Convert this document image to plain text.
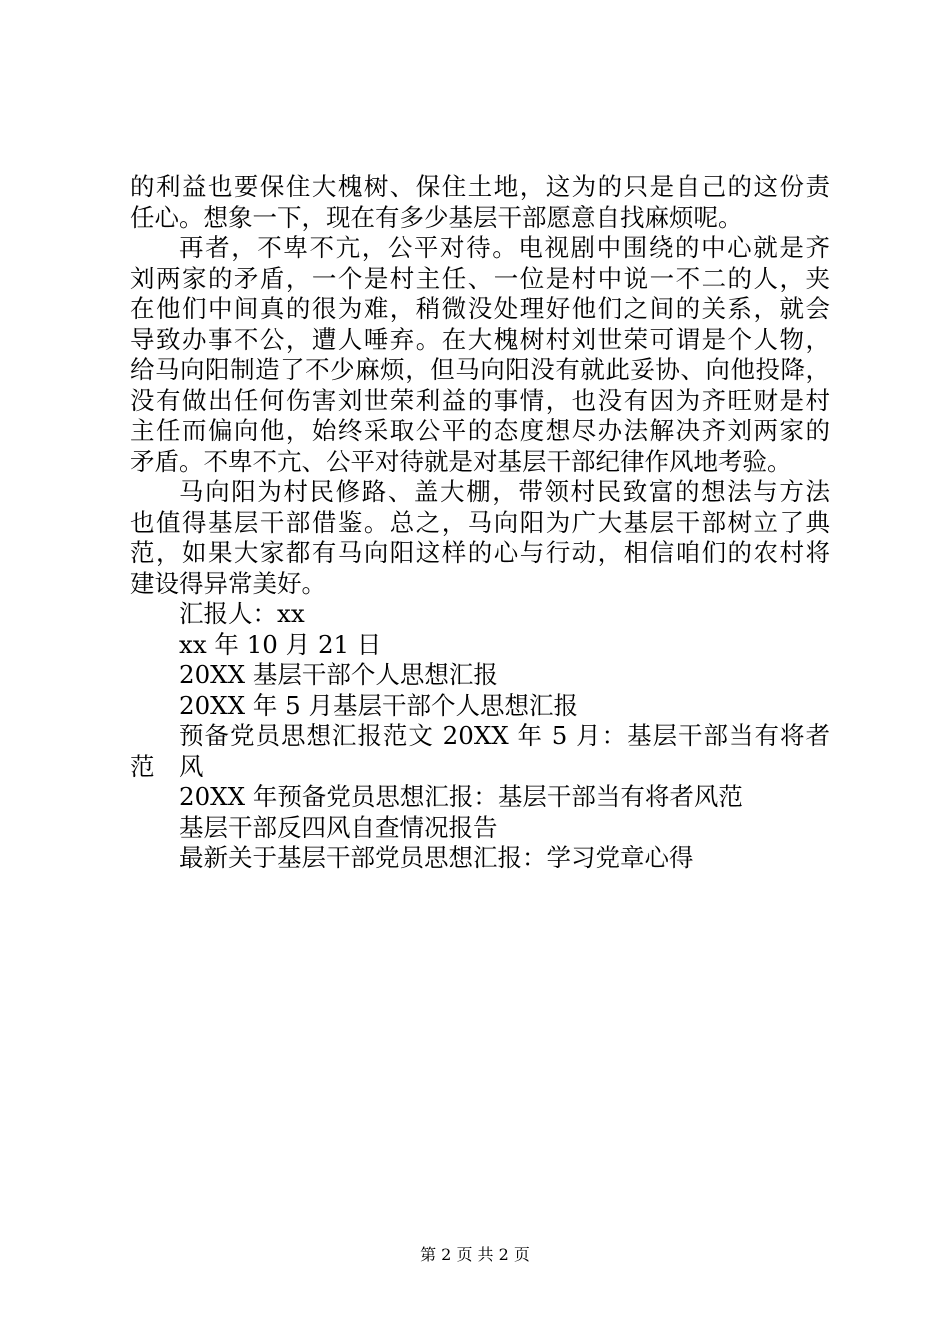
的利益也要保住大槐树、保住土地，这为的只是自己的这份责
任心。想象一下，现在有多少基层干部愿意自找麻烦呢。
再者，不卑不亢，公平对待。电视剧中围绕的中心就是齐
刘两家的矛盾，一个是村主任、一位是村中说一不二的人，夹
在他们中间真的很为难，稍微没处理好他们之间的关系，就会
导致办事不公，遭人唾弃。在大槐树村刘世荣可谓是个人物，
给马向阳制造了不少麻烦，但马向阳没有就此妥协、向他投降，
没有做出任何伤害刘世荣利益的事情，也没有因为齐旺财是村
主任而偏向他，始终采取公平的态度想尽办法解决齐刘两家的
矛盾。不卑不亢、公平对待就是对基层干部纪律作风地考验。
马向阳为村民修路、盖大棚，带领村民致富的想法与方法
也值得基层干部借鉴。总之，马向阳为广大基层干部树立了典
范，如果大家都有马向阳这样的心与行动，相信咱们的农村将
建设得异常美好。
汇报人：xx
xx 年 10 月 21 日
20XX 基层干部个人思想汇报
20XX 年 5 月基层干部个人思想汇报
预备党员思想汇报范文 20XX 年 5 月：基层干部当有将者风
范
20XX 年预备党员思想汇报：基层干部当有将者风范
基层干部反四风自查情况报告
最新关于基层干部党员思想汇报：学习党章心得
第 2 页 共 2 页
